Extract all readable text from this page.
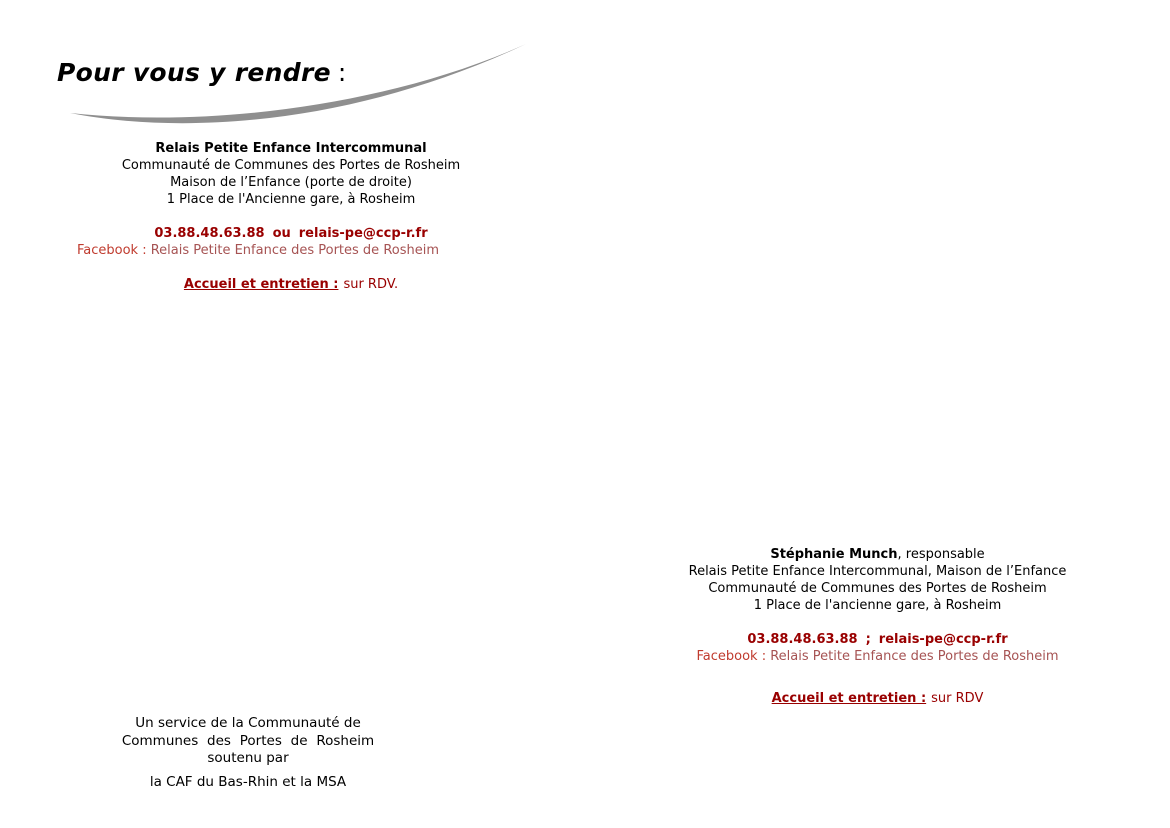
Pour vous y rendre :
Relais Petite Enfance Intercommunal
Communauté de Communes des Portes de Rosheim
Maison de l’Enfance (porte de droite)
1 Place de l'Ancienne gare, à Rosheim
03.88.48.63.88 ou relais-pe@ccp-r.fr
Facebook : Relais Petite Enfance des Portes de Rosheim
Accueil et entretien : sur RDV.
Stéphanie Munch, responsable
Relais Petite Enfance Intercommunal, Maison de l’Enfance
Communauté de Communes des Portes de Rosheim
1 Place de l'ancienne gare, à Rosheim
03.88.48.63.88 ; relais-pe@ccp-r.fr
Facebook : Relais Petite Enfance des Portes de Rosheim
Accueil et entretien : sur RDV
Un service de la Communauté de
Communes des Portes de Rosheim
soutenu par
la CAF du Bas-Rhin et la MSA
